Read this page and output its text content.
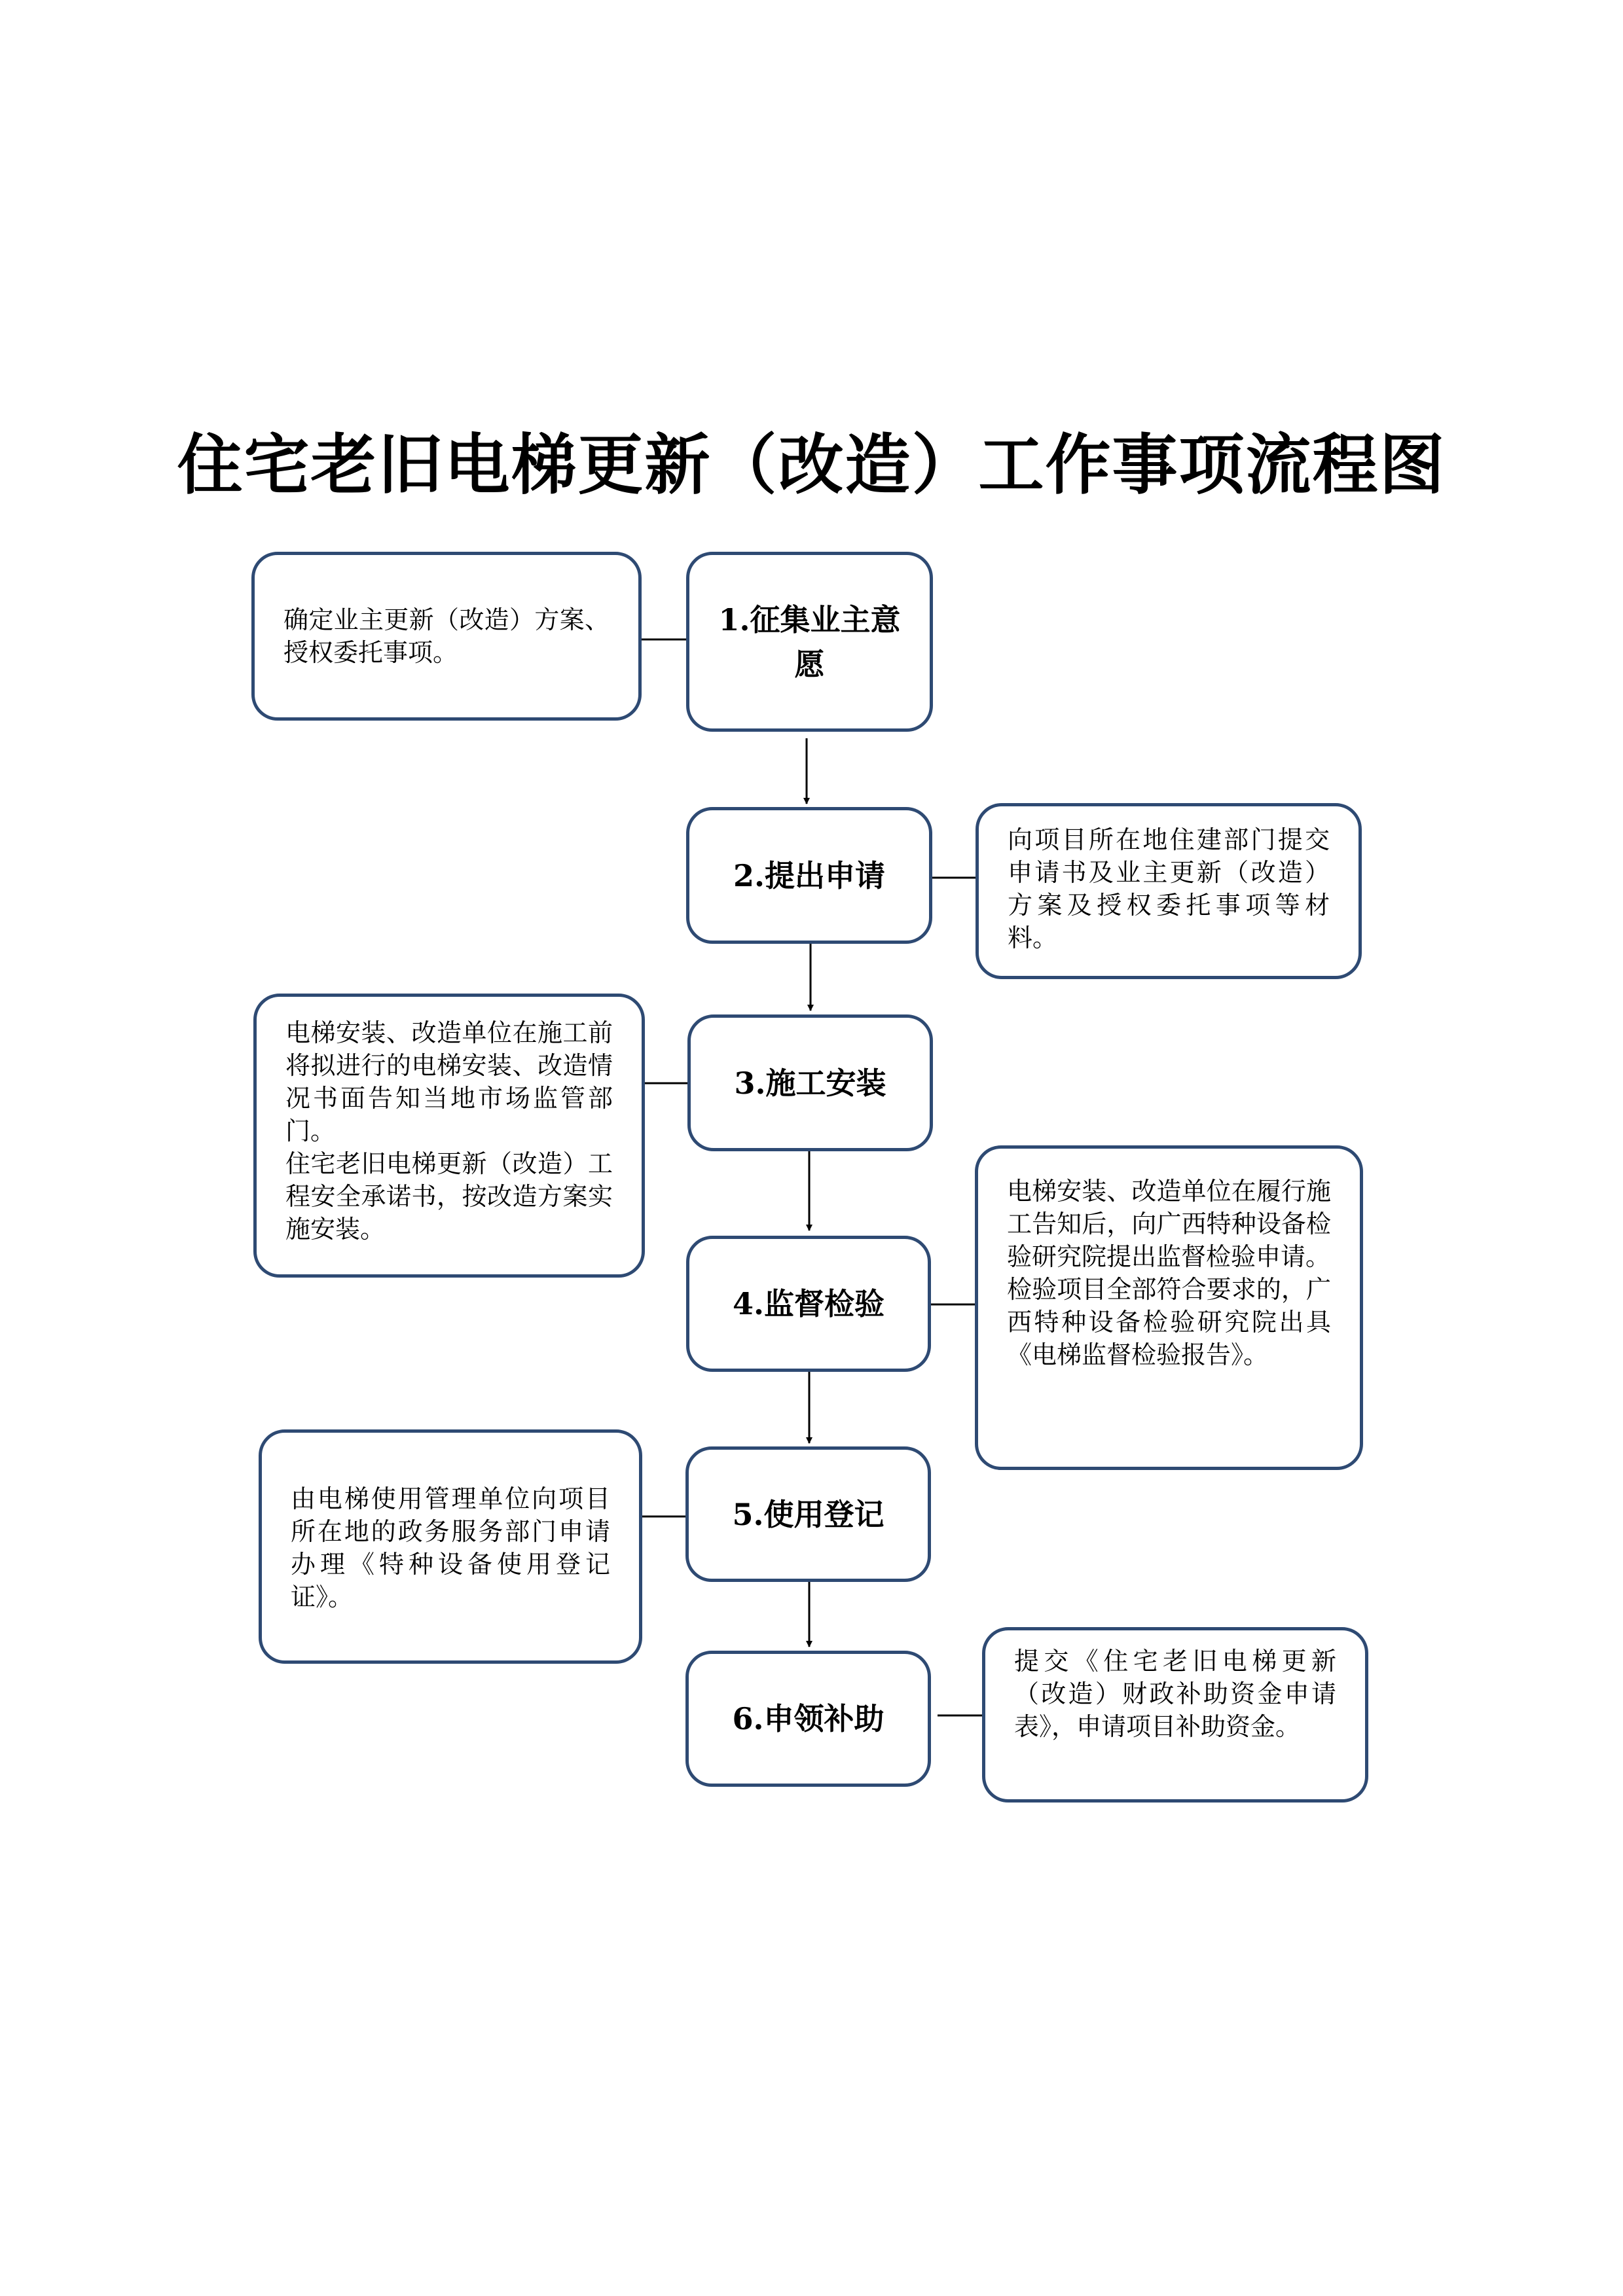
住宅老旧电梯更新（改造）工作事项流程图
1.征集业主意愿
2.提出申请
3.施工安装
4.监督检验
5.使用登记
6.申领补助

确定业主更新（改造）方案、授权委托事项。

向项目所在地住建部门提交申请书及业主更新（改造）方案及授权委托事项等材料。

电梯安装、改造单位在施工前将拟进行的电梯安装、改造情况书面告知当地市场监管部门。

住宅老旧电梯更新（改造）工程安全承诺书，按改造方案实施安装。

电梯安装、改造单位在履行施工告知后，向广西特种设备检验研究院提出监督检验申请。

检验项目全部符合要求的，广西特种设备检验研究院出具《电梯监督检验报告》。

由电梯使用管理单位向项目所在地的政务服务部门申请办理《特种设备使用登记证》。

提交《住宅老旧电梯更新（改造）财政补助资金申请表》，申请项目补助资金。
